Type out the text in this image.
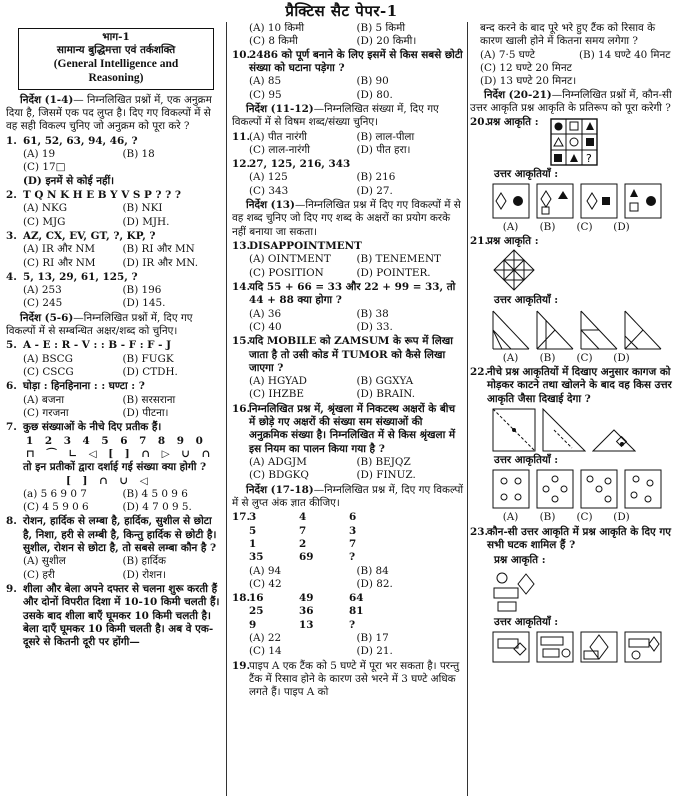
प्रैक्टिस सैट पेपर-1
भाग-1
सामान्य बुद्धिमत्ता एवं तर्कशक्ति
(General Intelligence and
Reasoning)
निर्देश (1-4)— निम्नलिखित प्रश्नों में, एक अनुक्रम दिया है, जिसमें एक पद लुप्त है। दिए गए विकल्पों में से वह सही विकल्प चुनिए जो अनुक्रम को पूरा करे ?
1. 61, 52, 63, 94, 46, ?
(A) 19	(B) 18
(C) 17□
(D) इनमें से कोई नहीं।
2. T Q N K H E B Y V S P ? ? ?
(A) NKG	(B) NKI
(C) MJG	(D) MJH.
3. AZ, CX, EV, GT, ?, KP, ?
(A) IR और NM	(B) RI और MN
(C) RI और NM	(D) IR और MN.
4. 5, 13, 29, 61, 125, ?
(A) 253	(B) 196
(C) 245	(D) 145.
निर्देश (5-6)—निम्नलिखित प्रश्नों में, दिए गए विकल्पों में से सम्बन्धित अक्षर/शब्द को चुनिए।
5. A - E : R - V : : B - F : F - J
(A) BSCG	(B) FUGK
(C) CSCG	(D) CTDH.
6. घोड़ा : हिनहिनाना : : घण्टा : ?
(A) बजना	(B) सरसराना
(C) गरजना	(D) पीटना।
7. कुछ संख्याओं के नीचे दिए प्रतीक हैं।
1 2 3 4 5 6 7 8 9 0
⊓ ⌒ ∟ ◁ [ ] ∩ ▷ ∪ ∩
तो इन प्रतीकों द्वारा दर्शाई गई संख्या क्या होगी ?
[ ] ∩ ∪ ◁
(a) 5 6 9 0 7	(B) 4 5 0 9 6
(C) 4 5 9 0 6	(D) 4 7 0 9 5.
8. रोशन, हार्दिक से लम्बा है, हार्दिक, सुशील से छोटा है, निशा, हरी से लम्बी है, किन्तु हार्दिक से छोटी है। सुशील, रोशन से छोटा है, तो सबसे लम्बा कौन है ?
(A) सुशील	(B) हार्दिक
(C) हरी	(D) रोशन।
9. शीला और बेला अपने दफ्तर से चलना शुरू करती हैं और दोनों विपरीत दिशा में 10-10 किमी चलती हैं। उसके बाद शीला बाएँ घूमकर 10 किमी चलती है। बेला दाएँ घूमकर 10 किमी चलती है। अब वे एक-दूसरे से कितनी दूरी पर होंगी—
(A) 10 किमी	(B) 5 किमी
(C) 8 किमी	(D) 20 किमी।
10.
2486 को पूर्ण बनाने के लिए इसमें से किस सबसे छोटी संख्या को घटाना पड़ेगा ?
(A) 85	(B) 90
(C) 95	(D) 80.
निर्देश (11-12)—निम्नलिखित संख्या में, दिए गए विकल्पों में से विषम शब्द/संख्या चुनिए।
11.
(A) पीत नारंगी	(B) लाल-पीला
(C) लाल-नारंगी	(D) पीत हरा।
12.
27, 125, 216, 343
(A) 125	(B) 216
(C) 343	(D) 27.
निर्देश (13)—निम्नलिखित प्रश्न में दिए गए विकल्पों में से वह शब्द चुनिए जो दिए गए शब्द के अक्षरों का प्रयोग करके नहीं बनाया जा सकता।
13.
DISAPPOINTMENT
(A) OINTMENT	(B) TENEMENT
(C) POSITION	(D) POINTER.
14.
यदि 55 + 66 = 33 और 22 + 99 = 33, तो 44 + 88 क्या होगा ?
(A) 36	(B) 38
(C) 40	(D) 33.
15.
यदि MOBILE को ZAMSUM के रूप में लिखा जाता है तो उसी कोड में TUMOR को कैसे लिखा जाएगा ?
(A) HGYAD	(B) GGXYA
(C) IHZBE	(D) BRAIN.
16.
निम्नलिखित प्रश्न में, श्रृंखला में निकटस्थ अक्षरों के बीच में छोड़े गए अक्षरों की संख्या सम संख्याओं की अनुक्रमिक संख्या है। निम्नलिखित में से किस श्रृंखला में इस नियम का पालन किया गया है ?
(A) ADGJM	(B) BEJQZ
(C) BDGKQ	(D) FINUZ.
निर्देश (17-18)—निम्नलिखित प्रश्न में, दिए गए विकल्पों में से लुप्त अंक ज्ञात कीजिए।
17.
3	4	6
5	7	3
1	2	7
35	69	?
(A) 94	(B) 84
(C) 42	(D) 82.
18.
16	49	64
25	36	81
9	13	?
(A) 22	(B) 17
(C) 14	(D) 21.
19.
पाइप A एक टैंक को 5 घण्टे में पूरा भर सकता है। परन्तु टैंक में रिसाव होने के कारण उसे भरने में 3 घण्टे अधिक लगते हैं। पाइप A को
बन्द करने के बाद पूरे भरे हुए टैंक को रिसाव के कारण खाली होने में कितना समय लगेगा ?
(A) 7·5 घण्टे	(B) 14 घण्टे 40 मिनट
(C) 12 घण्टे 20 मिनट
(D) 13 घण्टे 20 मिनट।
निर्देश (20-21)—निम्नलिखित प्रश्नों में, कौन-सी उत्तर आकृति प्रश्न आकृति के प्रतिरूप को पूरा करेगी ?
20.
प्रश्न आकृति :
?
उत्तर आकृतियाँ :
(A)	(B)	(C)	(D)
21.
प्रश्न आकृति :
उत्तर आकृतियाँ :
(A)	(B)	(C)	(D)
22.
नीचे प्रश्न आकृतियों में दिखाए अनुसार कागज को मोड़कर काटने तथा खोलने के बाद वह किस उत्तर आकृति जैसा दिखाई देगा ?
उत्तर आकृतियाँ :
(A)	(B)	(C)	(D)
23.
कौन-सी उत्तर आकृति में प्रश्न आकृति के दिए गए सभी घटक शामिल हैं ?
प्रश्न आकृति :
उत्तर आकृतियाँ :
